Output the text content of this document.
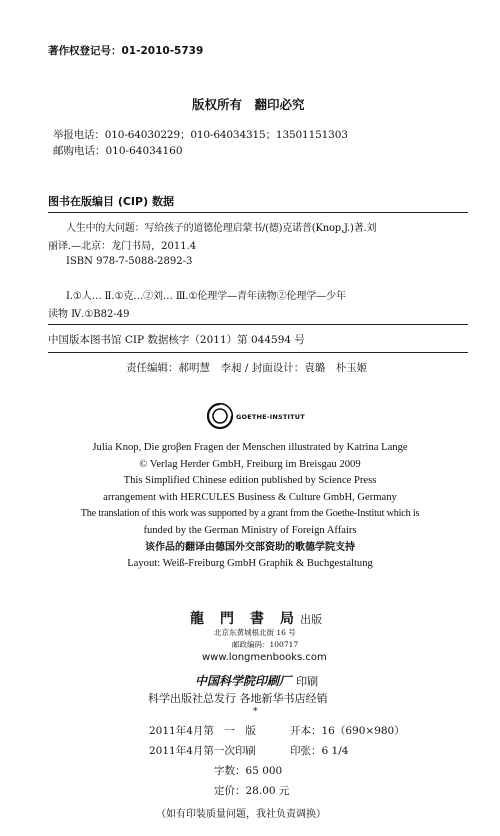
著作权登记号：01-2010-5739
版权所有　翻印必究
举报电话：010-64030229；010-64034315；13501151303
邮购电话：010-64034160
图书在版编目 (CIP) 数据
人生中的大问题：写给孩子的道德伦理启蒙书/(德)克诺普(Knop,J.)著.刘
丽译.—北京：龙门书局，2011.4
ISBN 978-7-5088-2892-3
Ⅰ.①人… Ⅱ.①克…②刘… Ⅲ.①伦理学—青年读物②伦理学—少年
读物 Ⅳ.①B82-49
中国版本图书馆 CIP 数据核字（2011）第 044594 号
责任编辑：郝明慧　李昶 / 封面设计：袁璐　朴玉姬
GOETHE-INSTITUT
Julia Knop, Die groβen Fragen der Menschen illustrated by Katrina Lange
© Verlag Herder GmbH, Freiburg im Breisgau 2009
This Simplified Chinese edition published by Science Press
arrangement with HERCULES Business & Culture GmbH, Germany
The translation of this work was supported by a grant from the Goethe-Institut which is
funded by the German Ministry of Foreign Affairs
该作品的翻译由德国外交部资助的歌德学院支持
Layout: Weiß-Freiburg GmbH Graphik & Buchgestaltung
龍　門　書　局 出版
北京东黄城根北街 16 号
邮政编码：100717
www.longmenbooks.com
中国科学院印刷厂 印刷
科学出版社总发行 各地新华书店经销
*
2011年4月第　一　版	开本：16（690×980）
2011年4月第一次印刷	印张：6 1/4
字数：65 000
定价：28.00 元
（如有印装质量问题，我社负责调换）
